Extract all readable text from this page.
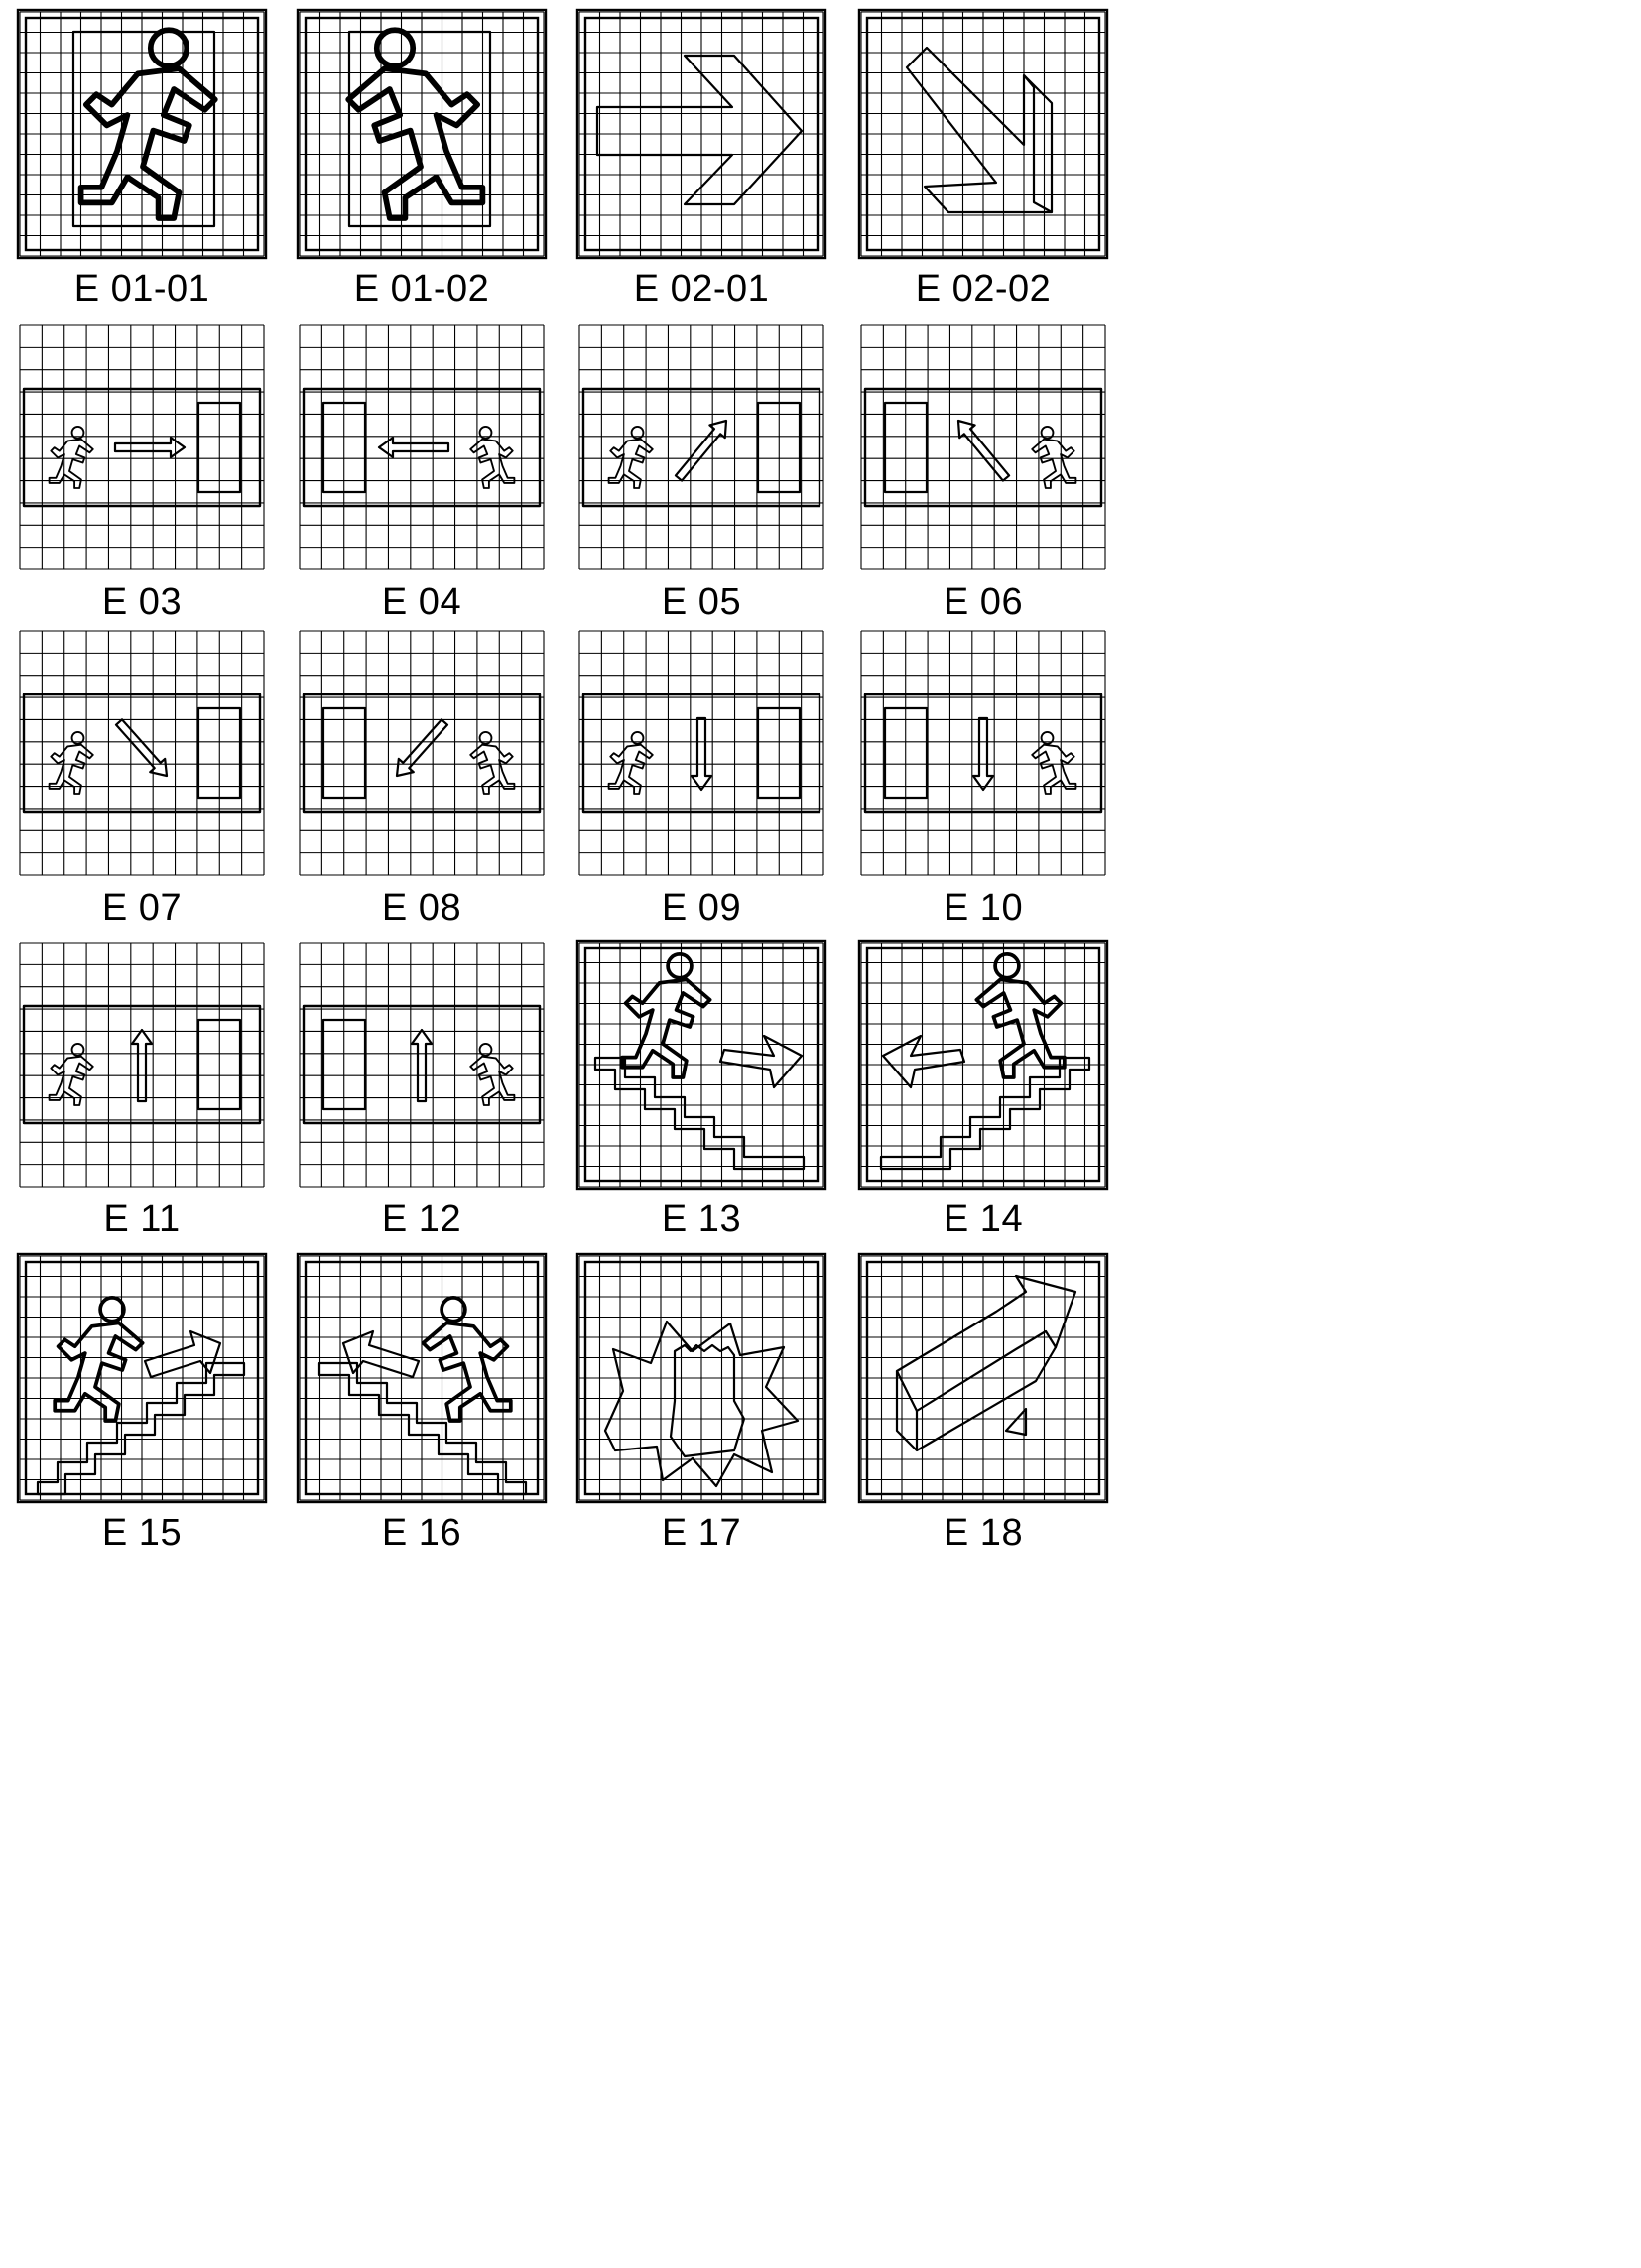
E 01-01	E 01-02	E 02-01	E 02-02
E 03	E 04	E 05	E 06
E 07	E 08	E 09	E 10
E 11	E 12	E 13	E 14
E 15	E 16	E 17	E 18
